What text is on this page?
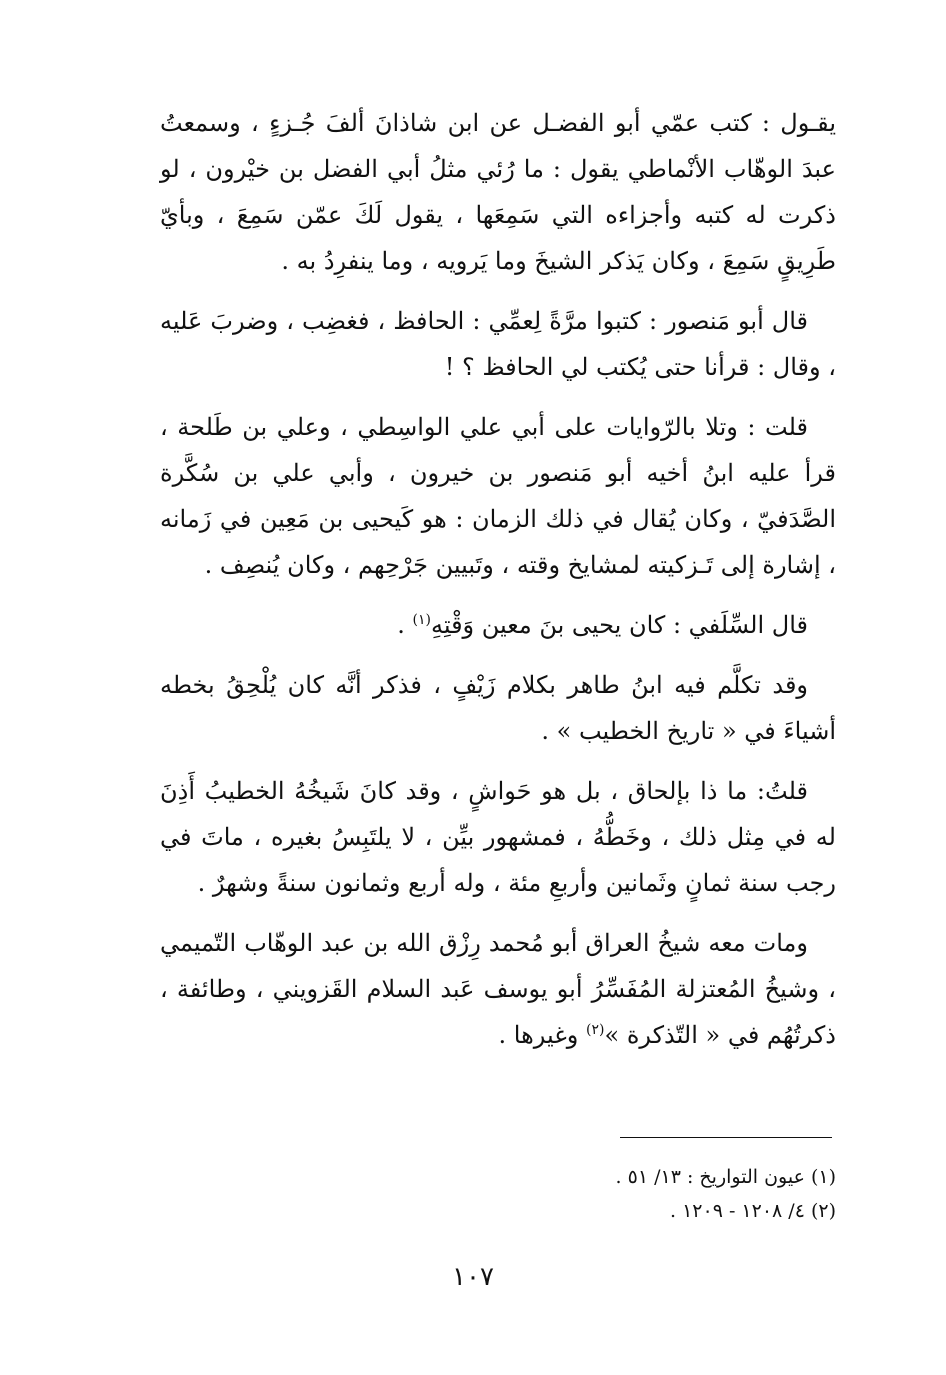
يقـول : كتب عمّي أبو الفضـل عن ابن شاذانَ ألفَ جُـزءٍ ، وسمعتُ عبدَ الوهّاب الأنْماطي يقول : ما رُئي مثلُ أبي الفضل بن خيْرون ، لو ذكرت له كتبه وأجزاءه التي سَمِعَها ، يقول لَكَ عمّن سَمِعَ ، وبأيّ طَرِيقٍ سَمِعَ ، وكان يَذكر الشيخَ وما يَرويه ، وما ينفرِدُ به .

قال أبو مَنصور : كتبوا مرَّةً لِعمِّي : الحافظ ، فغضِب ، وضربَ عَليه ، وقال : قرأنا حتى يُكتب لي الحافظ ؟ !

قلت : وتلا بالرّوايات على أبي علي الواسِطي ، وعلي بن طَلحة ، قرأ عليه ابنُ أخيه أبو مَنصور بن خيرون ، وأبي علي بن سُكَّرة الصَّدَفيّ ، وكان يُقال في ذلك الزمان : هو كَيحيى بن مَعِين في زَمانه ، إشارة إلى تَـزكيته لمشايخ وقته ، وتَبيين جَرْحِهم ، وكان يُنصِف .

قال السِّلَفي : كان يحيى بنَ معين وَقْتِهِ$^{(١)}$ .

وقد تكلَّم فيه ابنُ طاهر بكلام زَيْفٍ ، فذكر أنَّه كان يُلْحِقُ بخطه أشياءَ في « تاريخ الخطيب » .

قلتُ: ما ذا بإلحاق ، بل هو حَواشٍ ، وقد كانَ شَيخُهُ الخطيبُ أَذِنَ له في مِثل ذلك ، وخَطُّهُ ، فمشهور بيِّن ، لا يلتَبِسُ بغيره ، ماتَ في رجب سنة ثمانٍ وثَمانين وأربعِ مئة ، وله أربع وثمانون سنةً وشهرٌ .

ومات معه شيخُ العراق أبو مُحمد رِزْق الله بن عبد الوهّاب التّميمي ، وشيخُ المُعتزلة المُفَسِّرُ أبو يوسف عَبد السلام القَزويني ، وطائفة ، ذكرتُهُم في « التّذكرة »$^{(٢)}$ وغيرها .

(١) عيون التواريخ : ١٣/ ٥١ .
(٢) ٤/ ١٢٠٨ - ١٢٠٩ .
١٠٧
